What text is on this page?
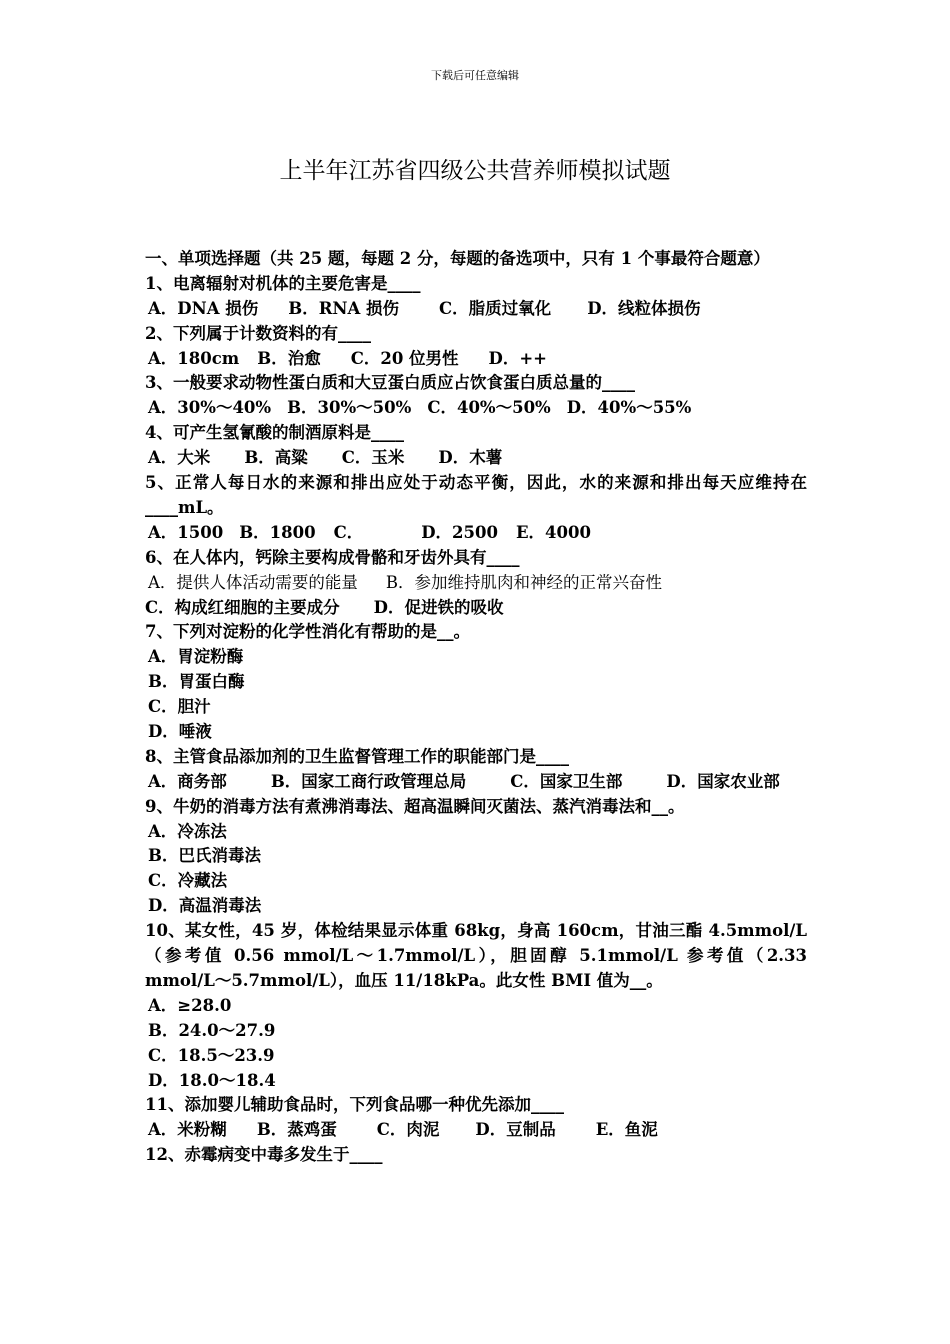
下载后可任意编辑
上半年江苏省四级公共营养师模拟试题
一、单项选择题（共 25 题，每题 2 分，每题的备选项中，只有 1 个事最符合题意）
1、电离辐射对机体的主要危害是____
A．DNA 损伤 B．RNA 损伤 C．脂质过氧化 D．线粒体损伤
2、下列属于计数资料的有____
A．180cm B．治愈 C．20 位男性 D．++
3、一般要求动物性蛋白质和大豆蛋白质应占饮食蛋白质总量的____
A．30%～40% B．30%～50% C．40%～50% D．40%～55%
4、可产生氢氰酸的制酒原料是____
A．大米 B．高粱 C．玉米 D．木薯
5、正常人每日水的来源和排出应处于动态平衡，因此，水的来源和排出每天应维持在____mL。
A．1500 B．1800 C．	D．2500 E．4000
6、在人体内，钙除主要构成骨骼和牙齿外具有____
A．提供人体活动需要的能量 B．参加维持肌肉和神经的正常兴奋性
C．构成红细胞的主要成分 D．促进铁的吸收
7、下列对淀粉的化学性消化有帮助的是__。
A．胃淀粉酶
B．胃蛋白酶
C．胆汁
D．唾液
8、主管食品添加剂的卫生监督管理工作的职能部门是____
A．商务部	B．国家工商行政管理总局	C．国家卫生部	D．国家农业部
9、牛奶的消毒方法有煮沸消毒法、超高温瞬间灭菌法、蒸汽消毒法和__。
A．冷冻法
B．巴氏消毒法
C．冷藏法
D．高温消毒法
10、某女性，45 岁，体检结果显示体重 68kg，身高 160cm，甘油三酯 4.5mmol/L（参考值 0.56 mmol/L～1.7mmol/L），胆固醇 5.1mmol/L 参考值（2.33 mmol/L～5.7mmol/L），血压 11/18kPa。此女性 BMI 值为__。
A．≥28.0
B．24.0～27.9
C．18.5～23.9
D．18.0～18.4
11、添加婴儿辅助食品时，下列食品哪一种优先添加____
A．米粉糊 B．蒸鸡蛋 C．肉泥 D．豆制品 E．鱼泥
12、赤霉病变中毒多发生于____
